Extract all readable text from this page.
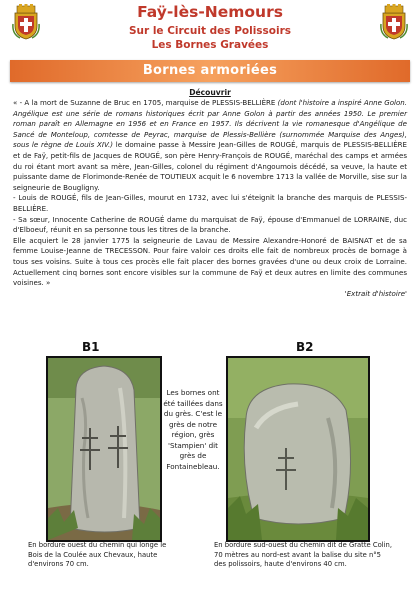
Faÿ-lès-Nemours
Sur le Circuit des Polissoirs
Les Bornes Gravées
Bornes armoriées
Découvrir

« - A la mort de Suzanne de Bruc en 1705, marquise de PLESSIS-BELLIÈRE (dont l'histoire a inspiré Anne Golon. Angélique est une série de romans historiques écrit par Anne Golon à partir des années 1950. Le premier roman paraît en Allemagne en 1956 et en France en 1957. Ils décrivent la vie romanesque d'Angélique de Sancé de Monteloup, comtesse de Peyrac, marquise de Plessis-Bellière (surnommée Marquise des Anges), sous le règne de Louis XIV.) le domaine passe à Messire Jean-Gilles de ROUGÉ, marquis de PLESSIS-BELLIÈRE et de Faÿ, petit-fils de Jacques de ROUGÉ, son père Henry-François de ROUGÉ, maréchal des camps et armées du roi étant mort avant sa mère, Jean-Gilles, colonel du régiment d'Angoumois décédé, sa veuve, la haute et puissante dame de Florimonde-Renée de TOUTIEUX acquit le 6 novembre 1713 la vallée de Morville, sise sur la seigneurie de Bougligny.

- Louis de ROUGÉ, fils de Jean-Gilles, mourut en 1732, avec lui s'éteignit la branche des marquis de PLESSIS- BELLIÈRE.

- Sa sœur, Innocente Catherine de ROUGÉ dame du marquisat de Faÿ, épouse d'Emmanuel de LORRAINE, duc d'Elboeuf, réunit en sa personne tous les titres de la branche.

Elle acquiert le 28 janvier 1775 la seigneurie de Lavau de Messire Alexandre-Honoré de BAISNAT et de sa femme Louise-Jeanne de TRECESSON. Pour faire valoir ces droits elle fait de nombreux procès de bornage à tous ses voisins. Suite à tous ces procès elle fait placer des bornes gravées d'une ou deux croix de Lorraine. Actuellement cinq bornes sont encore visibles sur la commune de Faÿ et deux autres en limite des communes voisines. »

'Extrait d'histoire'

B1	B2
Les bornes ont été taillées dans du grès. C'est le grès de notre région, grès 'Stampien' dit grès de Fontainebleau.
En bordure ouest du chemin qui longe le Bois de la Coulée aux Chevaux, haute d'environs 70 cm.
En bordure sud-ouest du chemin dit de Gratte Colin, 70 mètres au nord-est avant la balise du site n°5 des polissoirs, haute d'environs 40 cm.
